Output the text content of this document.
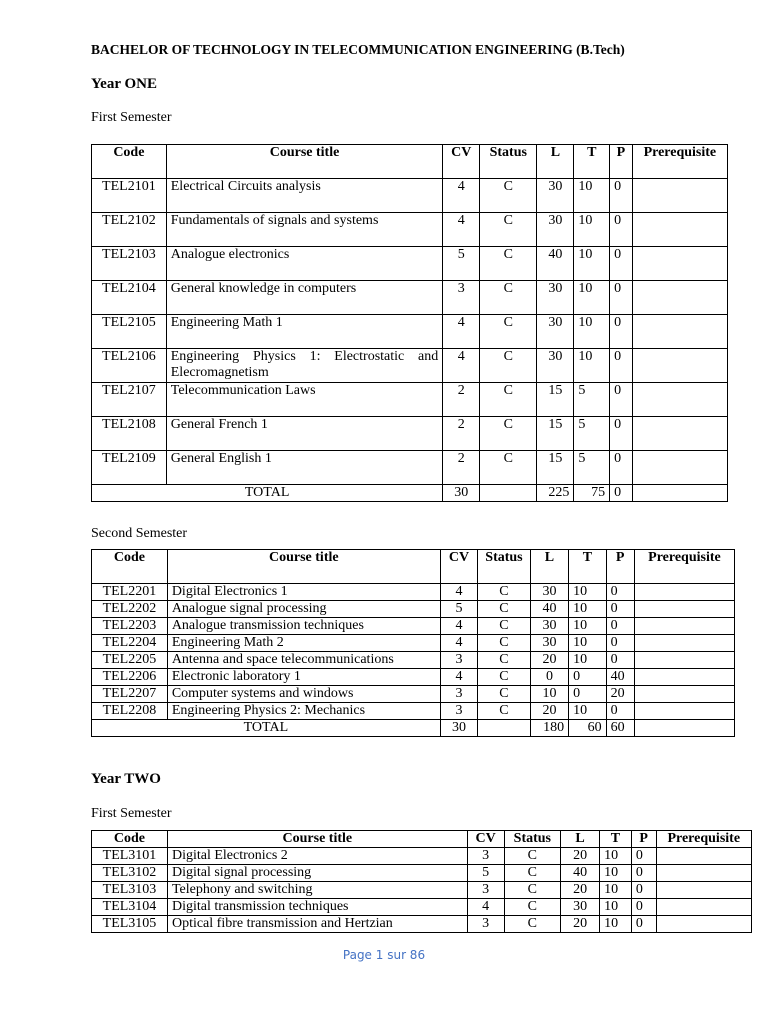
BACHELOR OF TECHNOLOGY IN TELECOMMUNICATION ENGINEERING (B.Tech)
Year ONE
First Semester
Code	Course title	CV	Status	L	T	P	Prerequisite
TEL2101	Electrical Circuits analysis	4	C	30	10	0	
TEL2102	Fundamentals of signals and systems	4	C	30	10	0	
TEL2103	Analogue electronics	5	C	40	10	0	
TEL2104	General knowledge in computers	3	C	30	10	0	
TEL2105	Engineering Math 1	4	C	30	10	0	
TEL2106	Engineering Physics 1: Electrostatic and Elecromagnetism	4	C	30	10	0	
TEL2107	Telecommunication Laws	2	C	15	5	0	
TEL2108	General French 1	2	C	15	5	0	
TEL2109	General English 1	2	C	15	5	0	
TOTAL		30		225	75	0	
Second Semester
Code	Course title	CV	Status	L	T	P	Prerequisite
TEL2201	Digital Electronics 1	4	C	30	10	0	
TEL2202	Analogue signal processing	5	C	40	10	0	
TEL2203	Analogue transmission techniques	4	C	30	10	0	
TEL2204	Engineering Math 2	4	C	30	10	0	
TEL2205	Antenna and space telecommunications	3	C	20	10	0	
TEL2206	Electronic laboratory 1	4	C	0	0	40	
TEL2207	Computer systems and windows	3	C	10	0	20	
TEL2208	Engineering Physics 2: Mechanics	3	C	20	10	0	
TOTAL		30		180	60	60	
Year TWO
First Semester
Code	Course title	CV	Status	L	T	P	Prerequisite
TEL3101	Digital Electronics 2	3	C	20	10	0	
TEL3102	Digital signal processing	5	C	40	10	0	
TEL3103	Telephony and switching	3	C	20	10	0	
TEL3104	Digital transmission techniques	4	C	30	10	0	
TEL3105	Optical fibre transmission and Hertzian	3	C	20	10	0	
Page 1 sur 86
